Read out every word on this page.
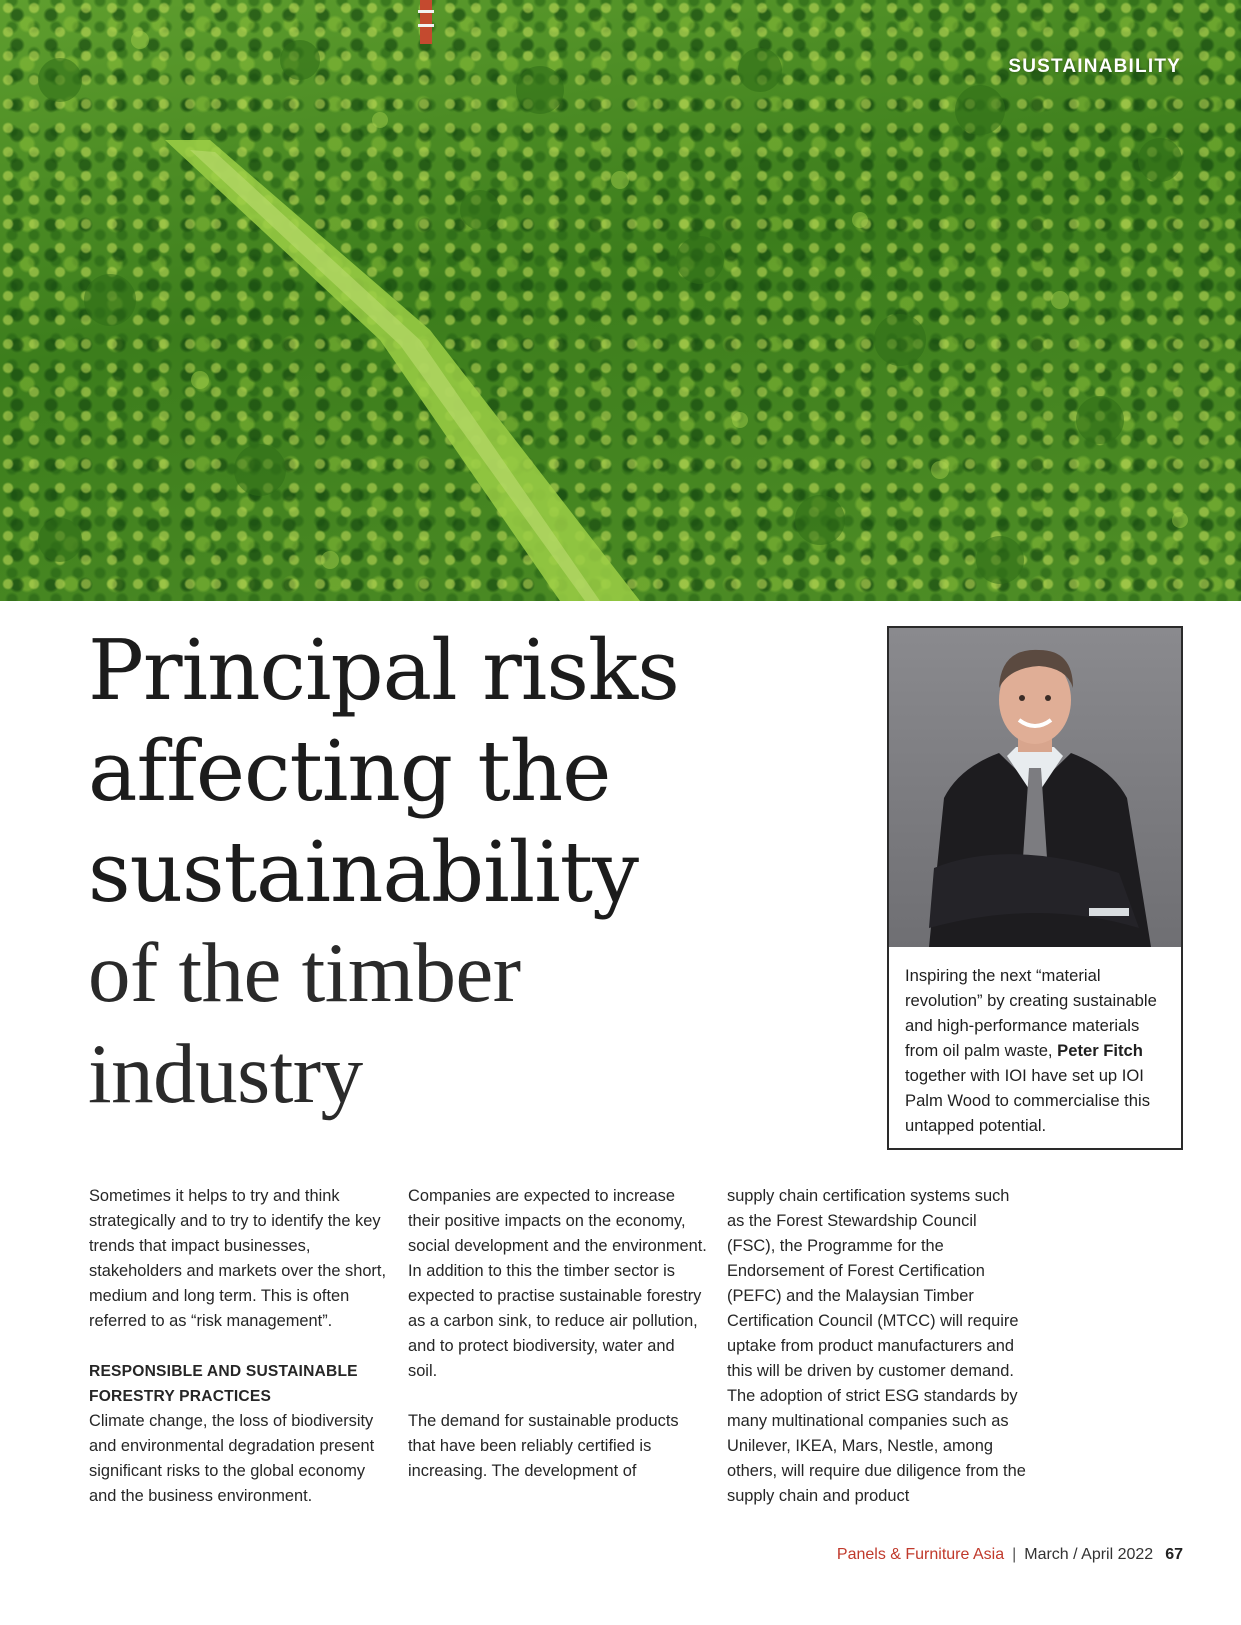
SUSTAINABILITY
Principal risks
affecting the
sustainability
of the timber
industry
Inspiring the next “material revolution” by creating sustainable and high-performance materials from oil palm waste, Peter Fitch together with IOI have set up IOI Palm Wood to commercialise this untapped potential.

Sometimes it helps to try and think strategically and to try to identify the key trends that impact businesses, stakeholders and markets over the short, medium and long term. This is often referred to as “risk management”.

RESPONSIBLE AND SUSTAINABLE FORESTRY PRACTICES

Climate change, the loss of biodiversity and environmental degradation present significant risks to the global economy and the business environment.

Companies are expected to increase their positive impacts on the economy, social development and the environment. In addition to this the timber sector is expected to practise sustainable forestry as a carbon sink, to reduce air pollution, and to protect biodiversity, water and soil.

The demand for sustainable products that have been reliably certified is increasing. The development of

supply chain certification systems such as the Forest Stewardship Council (FSC), the Programme for the Endorsement of Forest Certification (PEFC) and the Malaysian Timber Certification Council (MTCC) will require uptake from product manufacturers and this will be driven by customer demand. The adoption of strict ESG standards by many multinational companies such as Unilever, IKEA, Mars, Nestle, among others, will require due diligence from the supply chain and product

Panels & Furniture Asia | March / April 2022 67
